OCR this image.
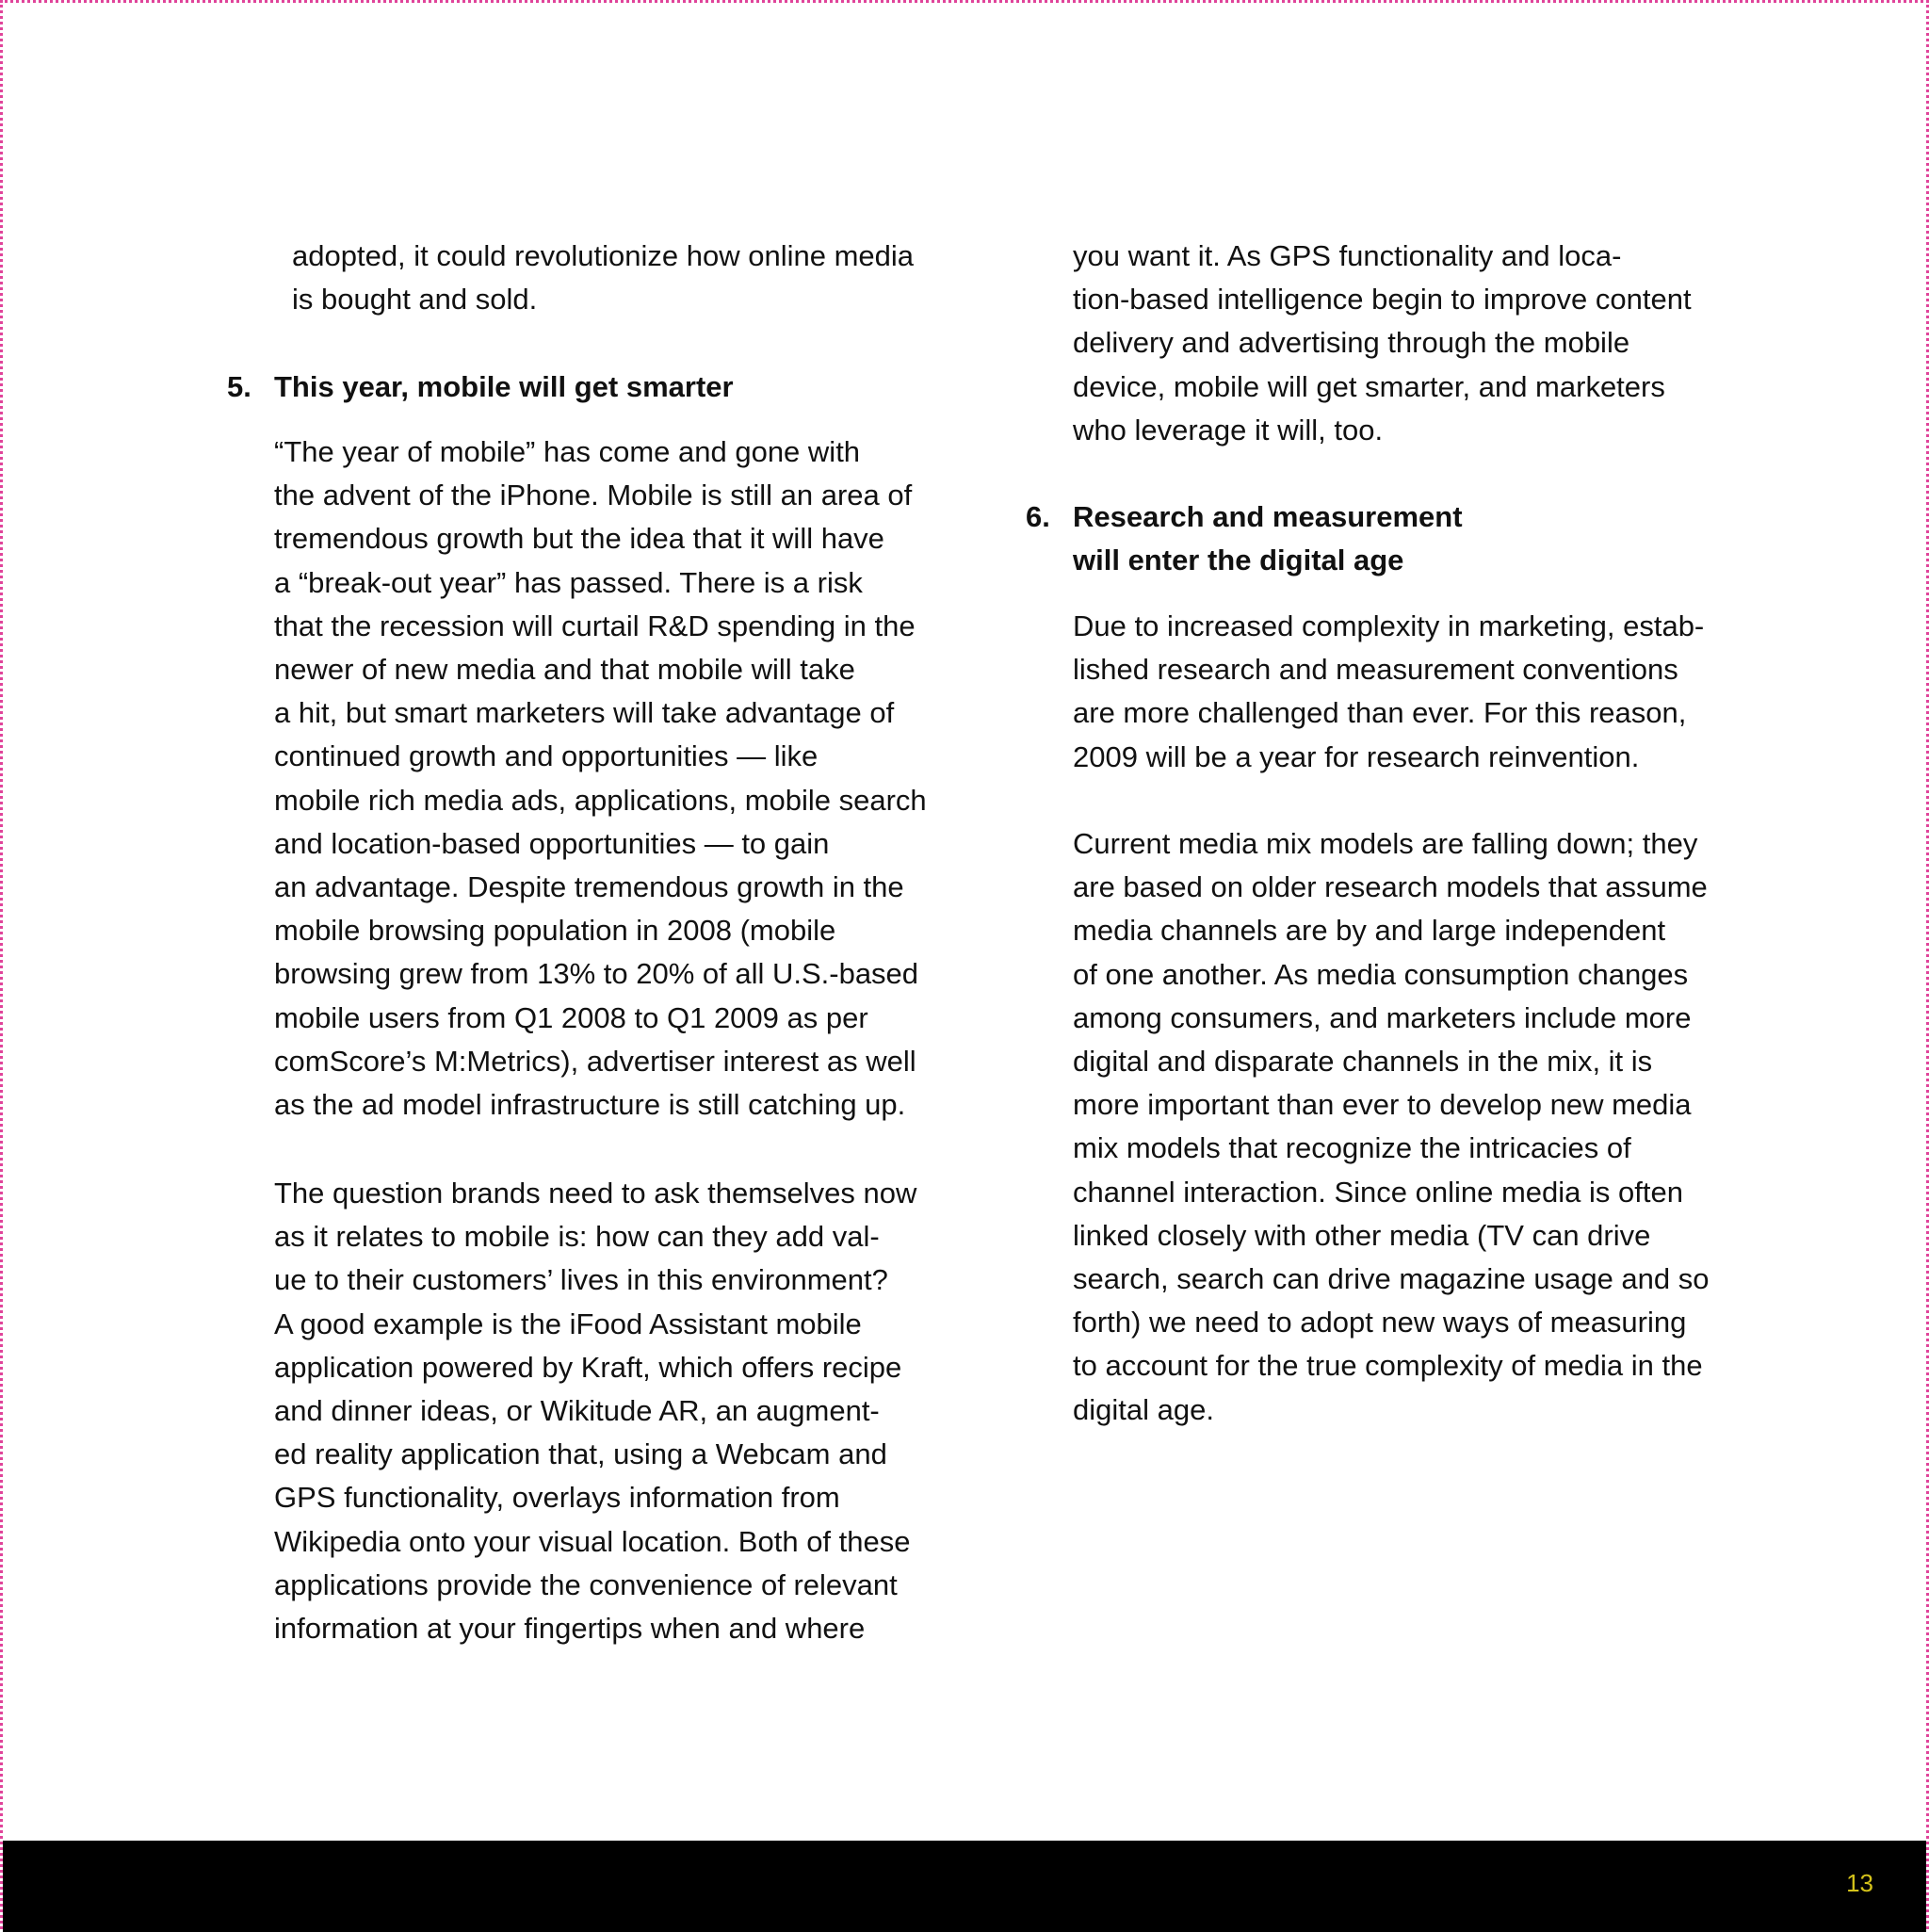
adopted, it could revolutionize how online media
is bought and sold.
5. This year, mobile will get smarter
“The year of mobile” has come and gone with
the advent of the iPhone. Mobile is still an area of
tremendous growth but the idea that it will have
a “break-out year” has passed. There is a risk
that the recession will curtail R&D spending in the
newer of new media and that mobile will take
a hit, but smart marketers will take advantage of
continued growth and opportunities — like
mobile rich media ads, applications, mobile search
and location-based opportunities — to gain
an advantage. Despite tremendous growth in the
mobile browsing population in 2008 (mobile
browsing grew from 13% to 20% of all U.S.-based
mobile users from Q1 2008 to Q1 2009 as per
comScore’s M:Metrics), advertiser interest as well
as the ad model infrastructure is still catching up.
The question brands need to ask themselves now
as it relates to mobile is: how can they add val-
ue to their customers’ lives in this environment?
A good example is the iFood Assistant mobile
application powered by Kraft, which offers recipe
and dinner ideas, or Wikitude AR, an augment-
ed reality application that, using a Webcam and
GPS functionality, overlays information from
Wikipedia onto your visual location. Both of these
applications provide the convenience of relevant
information at your fingertips when and where
you want it. As GPS functionality and loca-
tion-based intelligence begin to improve content
delivery and advertising through the mobile
device, mobile will get smarter, and marketers
who leverage it will, too.
6. Research and measurement
will enter the digital age
Due to increased complexity in marketing, estab-
lished research and measurement conventions
are more challenged than ever. For this reason,
2009 will be a year for research reinvention.
Current media mix models are falling down; they
are based on older research models that assume
media channels are by and large independent
of one another. As media consumption changes
among consumers, and marketers include more
digital and disparate channels in the mix, it is
more important than ever to develop new media
mix models that recognize the intricacies of
channel interaction. Since online media is often
linked closely with other media (TV can drive
search, search can drive magazine usage and so
forth) we need to adopt new ways of measuring
to account for the true complexity of media in the
digital age.
13
